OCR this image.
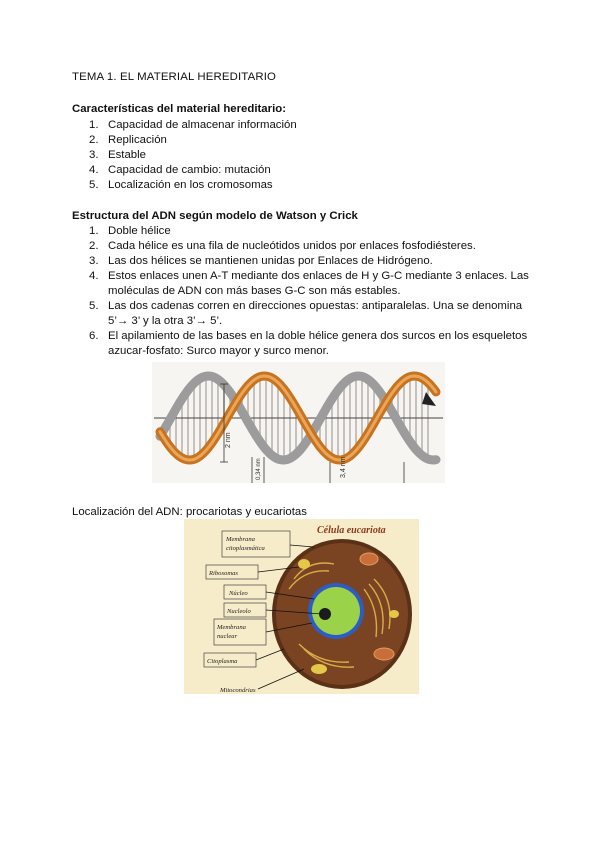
TEMA 1. EL MATERIAL HEREDITARIO
Características del material hereditario:
1. Capacidad de almacenar información
2. Replicación
3. Estable
4. Capacidad de cambio: mutación
5. Localización en los cromosomas
Estructura del ADN según modelo de Watson y Crick
1. Doble hélice
2. Cada hélice es una fila de nucleótidos unidos por enlaces fosfodiésteres.
3. Las dos hélices se mantienen unidas por Enlaces de Hidrógeno.
4. Estos enlaces unen A-T mediante dos enlaces de H y G-C mediante 3 enlaces. Las moléculas de ADN con más bases G-C son más estables.
5. Las dos cadenas corren en direcciones opuestas: antiparalelas. Una se denomina 5’→ 3’ y la otra 3’→ 5’.
6. El apilamiento de las bases en la doble hélice genera dos surcos en los esqueletos azucar-fosfato: Surco mayor y surco menor.
2 nm
3,4 nm
0,34 nm
Localización del ADN: procariotas y eucariotas
Célula eucariota
Membrana citoplasmática
Ribosomas
Núcleo
Nucleolo
Membrana nuclear
Citoplasma
Mitocondrias
